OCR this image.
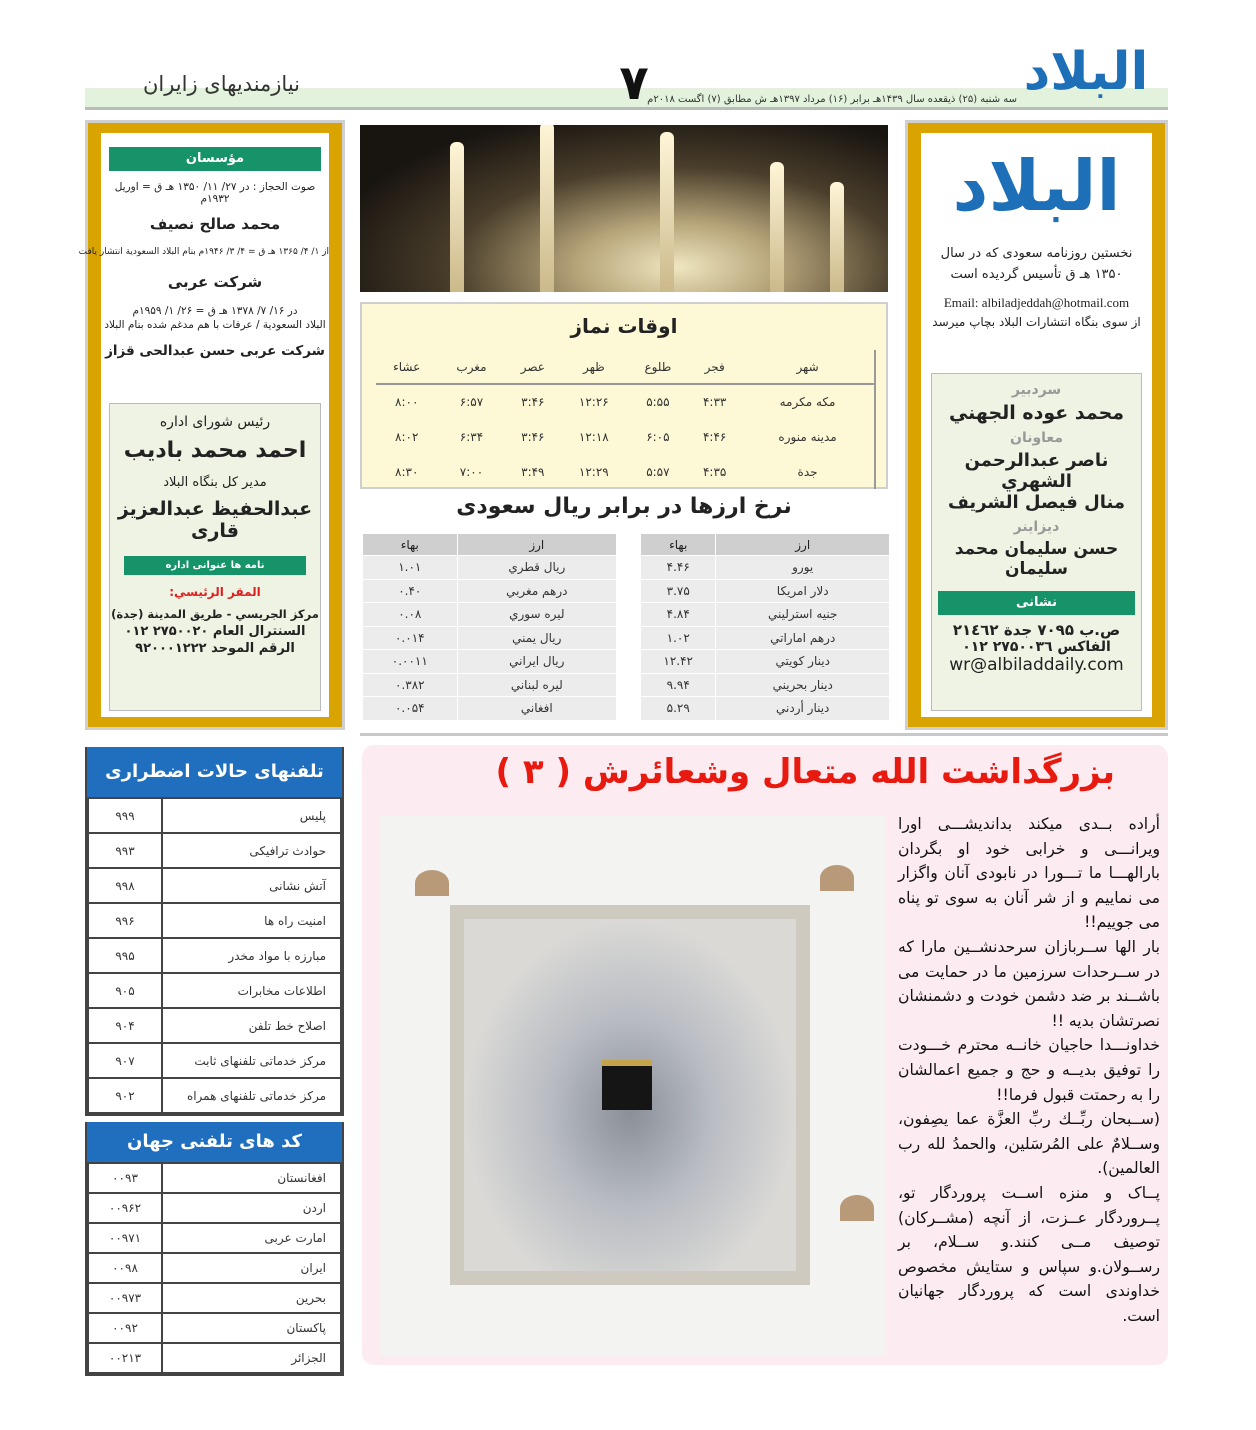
البلاد
۷
سه شنبه (۲۵) ذیقعده سال ۱۴۳۹هـ برابر (۱۶) مرداد ۱۳۹۷هـ ش مطابق (۷) اگست ۲۰۱۸م
نیازمندیهای زایران
البلاد
نخستین روزنامه سعودی که در سال ۱۳۵۰ هـ ق تأسیس گردیده است
Email: albiladjeddah@hotmail.com
از سوی بنگاه انتشارات البلاد بچاپ میرسد
سردبیر
محمد عوده الجهني
معاونان
ناصر عبدالرحمن الشهري
منال فيصل الشريف
دیزاینر
حسن سليمان محمد سليمان
نشانی
ص.ب ۷۰۹۵ جدة ۲۱٤٦۲
الفاكس ۲۷۵۰۰۳٦ ۰۱۲
wr@albiladdaily.com
مؤسسان
صوت الحجاز : در ۲۷/ ۱۱/ ۱۳۵۰ هـ ق = اوریل ۱۹۳۲م
محمد صالح نصيف
از ۱/ ۴/ ۱۳۶۵ هـ ق = ۴/ ۳/ ۱۹۴۶م بنام البلاد السعودية انتشار یافت
شرکت عربی
در ۱۶/ ۷/ ۱۳۷۸ هـ ق = ۲۶/ ۱/ ۱۹۵۹م
البلاد السعودية / عرفات با هم مدغم شده بنام البلاد
شرکت عربی حسن عبدالحی قزاز
رئیس شورای اداره
احمد محمد باديب
مدیر کل بنگاه البلاد
عبدالحفيظ عبدالعزيز قاری
نامه ها عنوانی اداره
المقر الرئيسي:
مركز الجريسي - طريق المدينة (جدة)
السنترال العام ۲۷۵۰۰۲۰ ۰۱۲
الرقم الموحد ۹۲۰۰۰۱۲۲۲
اوقات نماز
شهر	فجر	طلوع	ظهر	عصر	مغرب	عشاء
مکه مکرمه	۴:۳۳	۵:۵۵	۱۲:۲۶	۳:۴۶	۶:۵۷	۸:۰۰
مدینه منوره	۴:۴۶	۶:۰۵	۱۲:۱۸	۳:۴۶	۶:۳۴	۸:۰۲
جدة	۴:۳۵	۵:۵۷	۱۲:۲۹	۳:۴۹	۷:۰۰	۸:۳۰
نرخ ارزها در برابر ریال سعودی
ارز	بهاء
یورو	۴.۴۶
دلار امریکا	۳.۷۵
جنيه استرليني	۴.۸۴
درهم اماراتي	۱.۰۲
دينار كويتي	۱۲.۴۲
دينار بحريني	۹.۹۴
دينار أردني	۵.۲۹
ارز	بهاء
ريال قطري	۱.۰۱
درهم مغربي	۰.۴۰
ليره سوري	۰.۰۸
ريال يمني	۰.۰۱۴
ريال ايراني	۰.۰۰۱۱
ليره لبناني	۰.۳۸۲
افغاني	۰.۰۵۴
تلفنهای حالات اضطراری
پلیس	۹۹۹
حوادث ترافیکی	۹۹۳
آتش نشانی	۹۹۸
امنیت راه ها	۹۹۶
مبارزه با مواد مخدر	۹۹۵
اطلاعات مخابرات	۹۰۵
اصلاح خط تلفن	۹۰۴
مرکز خدماتی تلفنهای ثابت	۹۰۷
مرکز خدماتی تلفنهای همراه	۹۰۲
کد های تلفنی جهان
افغانستان	۰۰۹۳
اردن	۰۰۹۶۲
امارت عربی	۰۰۹۷۱
ایران	۰۰۹۸
بحرین	۰۰۹۷۳
پاکستان	۰۰۹۲
الجزائر	۰۰۲۱۳
بزرگداشت الله متعال وشعائرش ( ۳ )

أراده بــدی میکند بداندیشـــی اورا ویرانـــی و خرابی خود او بگردان بارالهـــا ما تـــورا در نابودی آنان واگزار می نماییم و از شر آنان به سوی تو پناه می جوییم!!

بار الها ســربازان سرحدنشــین مارا که در ســرحدات سرزمین ما در حمایت می باشــند بر ضد دشمن خودت و دشمنشان نصرتشان بدیه !!

خداونـــدا حاجیان خانــه محترم خـــودت را توفیق بدیــه و حج و جمیع اعمالشان را به رحمتت قبول فرما!!

(ســبحان ربِّــك ربِّ العزَّة عما يصِفون، وســلامٌ على المُرسَلين، والحمدُ لله رب العالمين).

پــاک و منزه اســت پروردگار تو، پــروردگار عــزت، از آنچه (مشــرکان) توصیف مــی کنند.و ســلام، بر رســولان.و سپاس و ستایش مخصوص خداوندی است که پروردگار جهانیان است.
